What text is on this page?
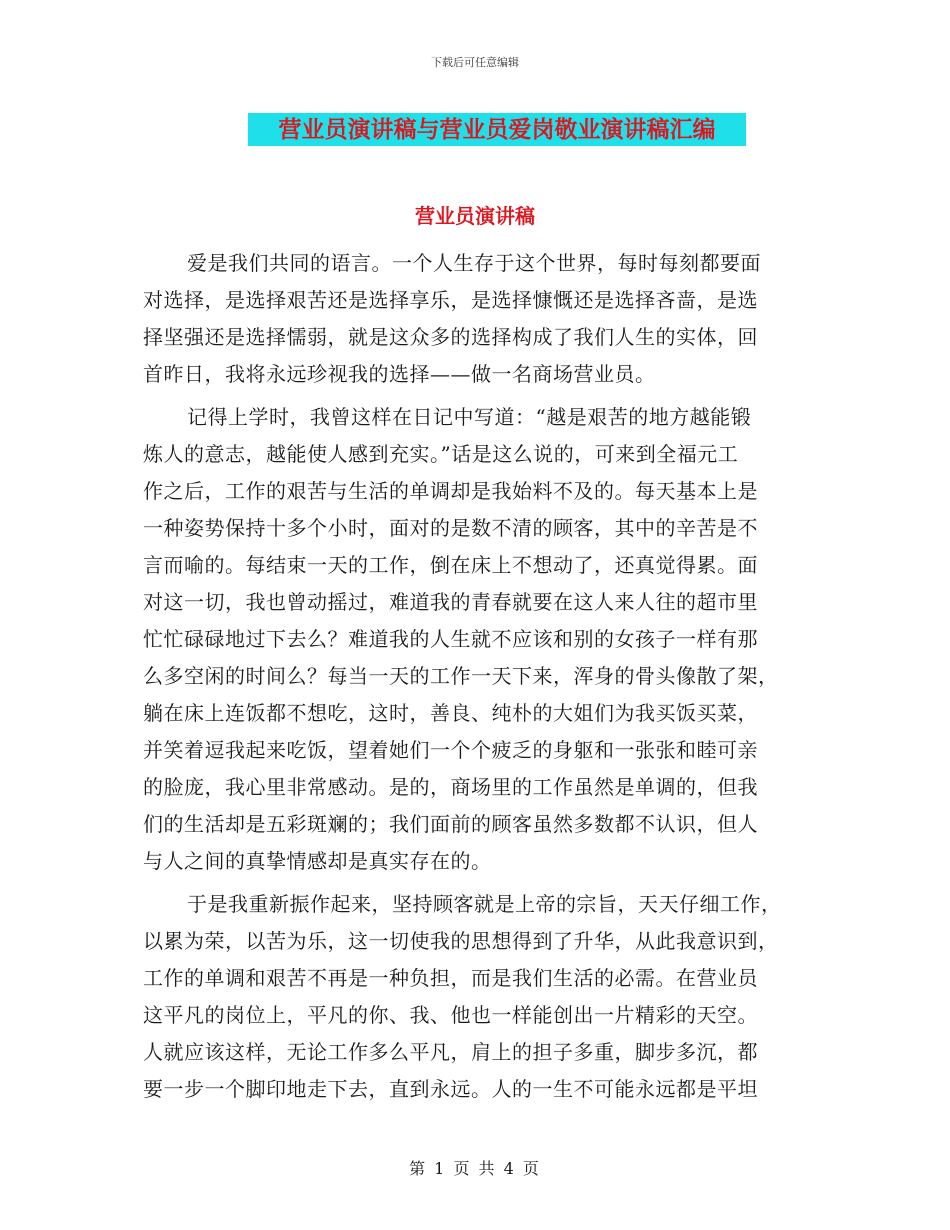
下载后可任意编辑
营业员演讲稿与营业员爱岗敬业演讲稿汇编
营业员演讲稿
爱是我们共同的语言。一个人生存于这个世界，每时每刻都要面
对选择，是选择艰苦还是选择享乐，是选择慷慨还是选择吝啬，是选
择坚强还是选择懦弱，就是这众多的选择构成了我们人生的实体，回
首昨日，我将永远珍视我的选择——做一名商场营业员。
记得上学时，我曾这样在日记中写道：“越是艰苦的地方越能锻
炼人的意志，越能使人感到充实。”话是这么说的，可来到全福元工
作之后，工作的艰苦与生活的单调却是我始料不及的。每天基本上是
一种姿势保持十多个小时，面对的是数不清的顾客，其中的辛苦是不
言而喻的。每结束一天的工作，倒在床上不想动了，还真觉得累。面
对这一切，我也曾动摇过，难道我的青春就要在这人来人往的超市里
忙忙碌碌地过下去么？难道我的人生就不应该和别的女孩子一样有那
么多空闲的时间么？每当一天的工作一天下来，浑身的骨头像散了架，
躺在床上连饭都不想吃，这时，善良、纯朴的大姐们为我买饭买菜，
并笑着逗我起来吃饭，望着她们一个个疲乏的身躯和一张张和睦可亲
的脸庞，我心里非常感动。是的，商场里的工作虽然是单调的，但我
们的生活却是五彩斑斓的；我们面前的顾客虽然多数都不认识，但人
与人之间的真挚情感却是真实存在的。
于是我重新振作起来，坚持顾客就是上帝的宗旨，天天仔细工作，
以累为荣，以苦为乐，这一切使我的思想得到了升华，从此我意识到，
工作的单调和艰苦不再是一种负担，而是我们生活的必需。在营业员
这平凡的岗位上，平凡的你、我、他也一样能创出一片精彩的天空。
人就应该这样，无论工作多么平凡，肩上的担子多重，脚步多沉，都
要一步一个脚印地走下去，直到永远。人的一生不可能永远都是平坦
第 1 页 共 4 页
